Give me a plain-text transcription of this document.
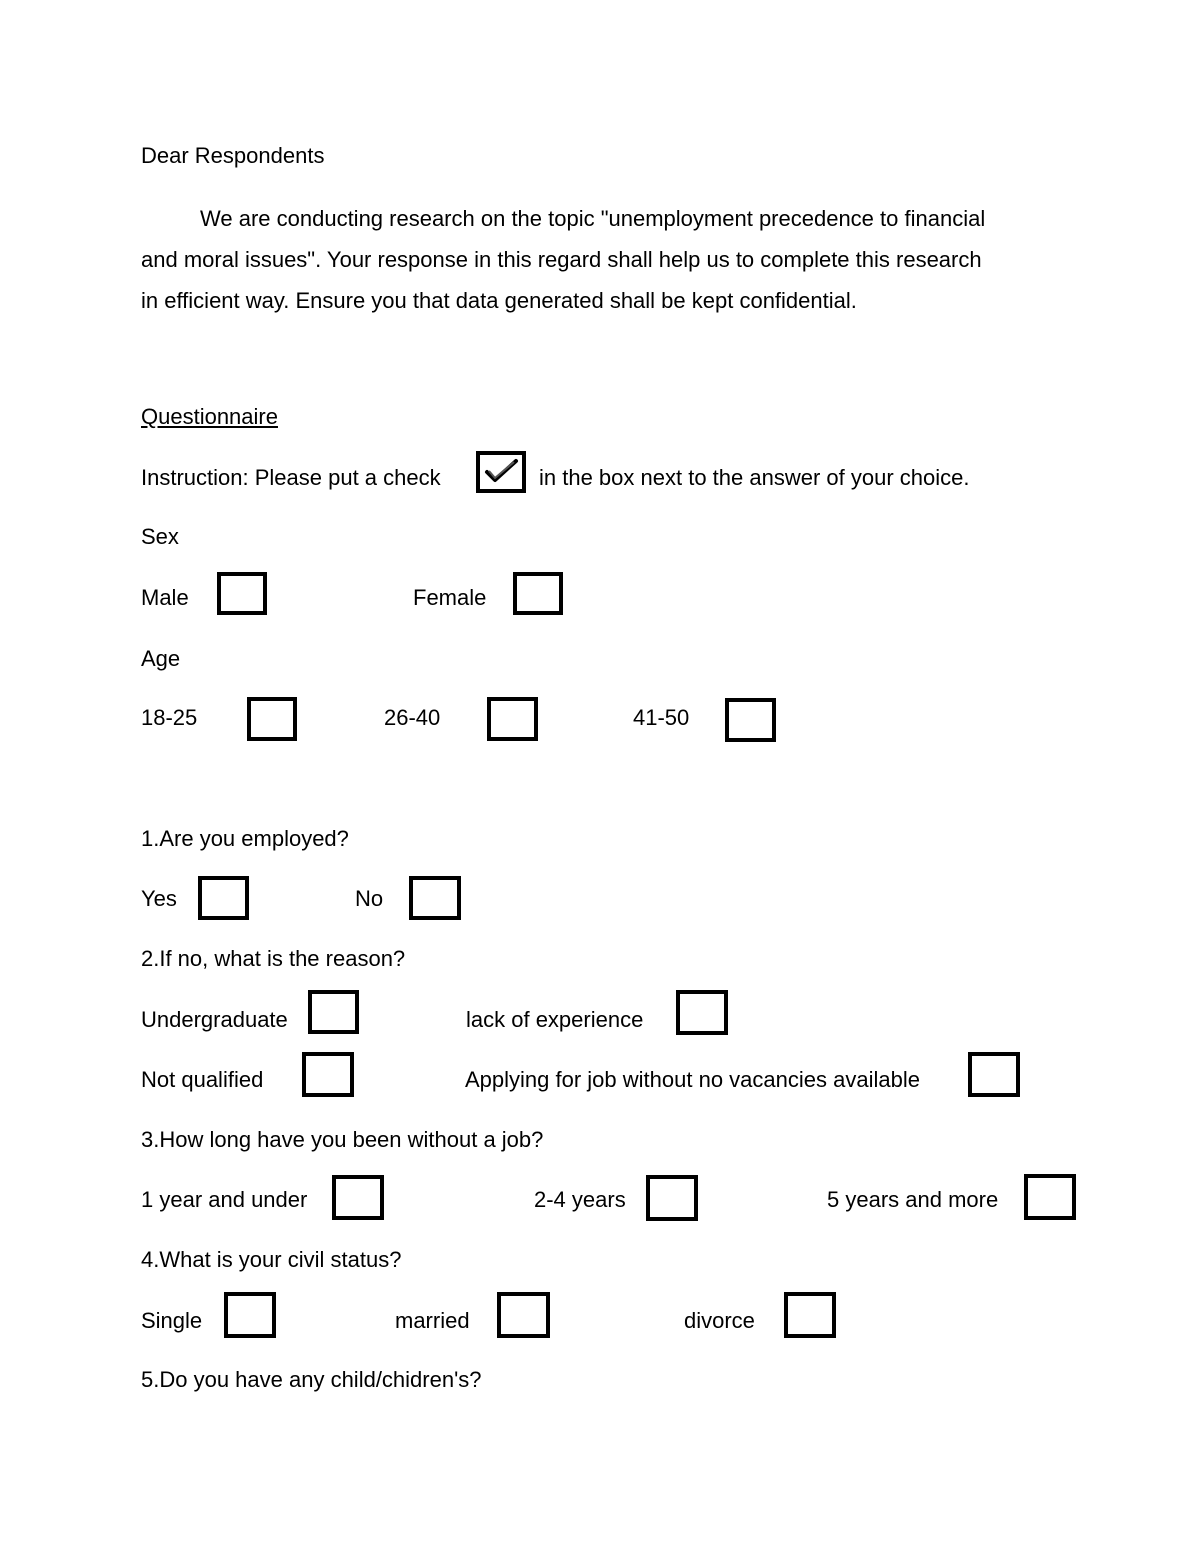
Dear Respondents
We are conducting research on the topic "unemployment precedence to financial
and moral issues". Your response in this regard shall help us to complete this research
in efficient way. Ensure you that data generated shall be kept confidential.
Questionnaire
Instruction: Please put a check	in the box next to the answer of your choice.
Sex
Male	Female
Age
18-25	26-40	41-50
1.Are you employed?
Yes	No
2.If no, what is the reason?
Undergraduate	lack of experience
Not qualified	Applying for job without no vacancies available
3.How long have you been without a job?
1 year and under	2-4 years	5 years and more
4.What is your civil status?
Single	married	divorce
5.Do you have any child/chidren's?
